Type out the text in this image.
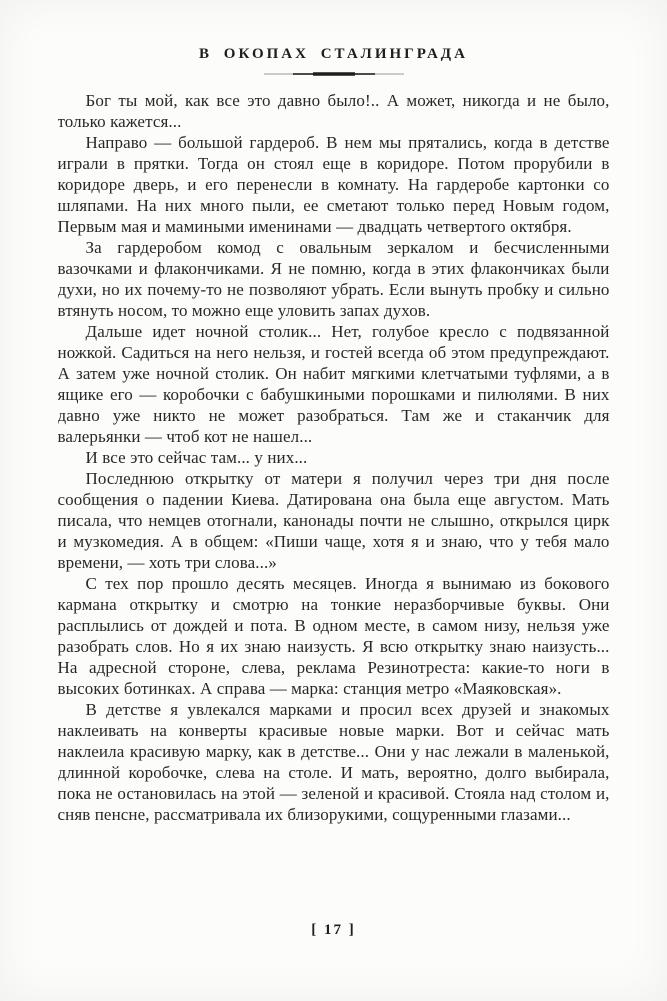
В ОКОПАХ СТАЛИНГРАДА

Бог ты мой, как все это давно было!.. А может, никогда и не было, только кажется...

Направо — большой гардероб. В нем мы прятались, когда в детстве играли в прятки. Тогда он стоял еще в коридоре. Потом прорубили в коридоре дверь, и его перенесли в комнату. На гардеробе картонки со шляпами. На них много пыли, ее сметают только перед Новым годом, Первым мая и мамиными именинами — двадцать четвертого октября.

За гардеробом комод с овальным зеркалом и бесчисленными вазочками и флакончиками. Я не помню, когда в этих флакончиках были духи, но их почему-то не позволяют убрать. Если вынуть пробку и сильно втянуть носом, то можно еще уловить запах духов.

Дальше идет ночной столик... Нет, голубое кресло с подвязанной ножкой. Садиться на него нельзя, и гостей всегда об этом предупреждают. А затем уже ночной столик. Он набит мягкими клетчатыми туфлями, а в ящике его — коробочки с бабушкиными порошками и пилюлями. В них давно уже никто не может разобраться. Там же и стаканчик для валерьянки — чтоб кот не нашел...

И все это сейчас там... у них...

Последнюю открытку от матери я получил через три дня после сообщения о падении Киева. Датирована она была еще августом. Мать писала, что немцев отогнали, канонады почти не слышно, открылся цирк и музкомедия. А в общем: «Пиши чаще, хотя я и знаю, что у тебя мало времени, — хоть три слова...»

С тех пор прошло десять месяцев. Иногда я вынимаю из бокового кармана открытку и смотрю на тонкие неразборчивые буквы. Они расплылись от дождей и пота. В одном месте, в самом низу, нельзя уже разобрать слов. Но я их знаю наизусть. Я всю открытку знаю наизусть... На адресной стороне, слева, реклама Резинотреста: какие-то ноги в высоких ботинках. А справа — марка: станция метро «Маяковская».

В детстве я увлекался марками и просил всех друзей и знакомых наклеивать на конверты красивые новые марки. Вот и сейчас мать наклеила красивую марку, как в детстве... Они у нас лежали в маленькой, длинной коробочке, слева на столе. И мать, вероятно, долго выбирала, пока не остановилась на этой — зеленой и красивой. Стояла над столом и, сняв пенсне, рассматривала их близорукими, сощуренными глазами...

[ 17 ]
